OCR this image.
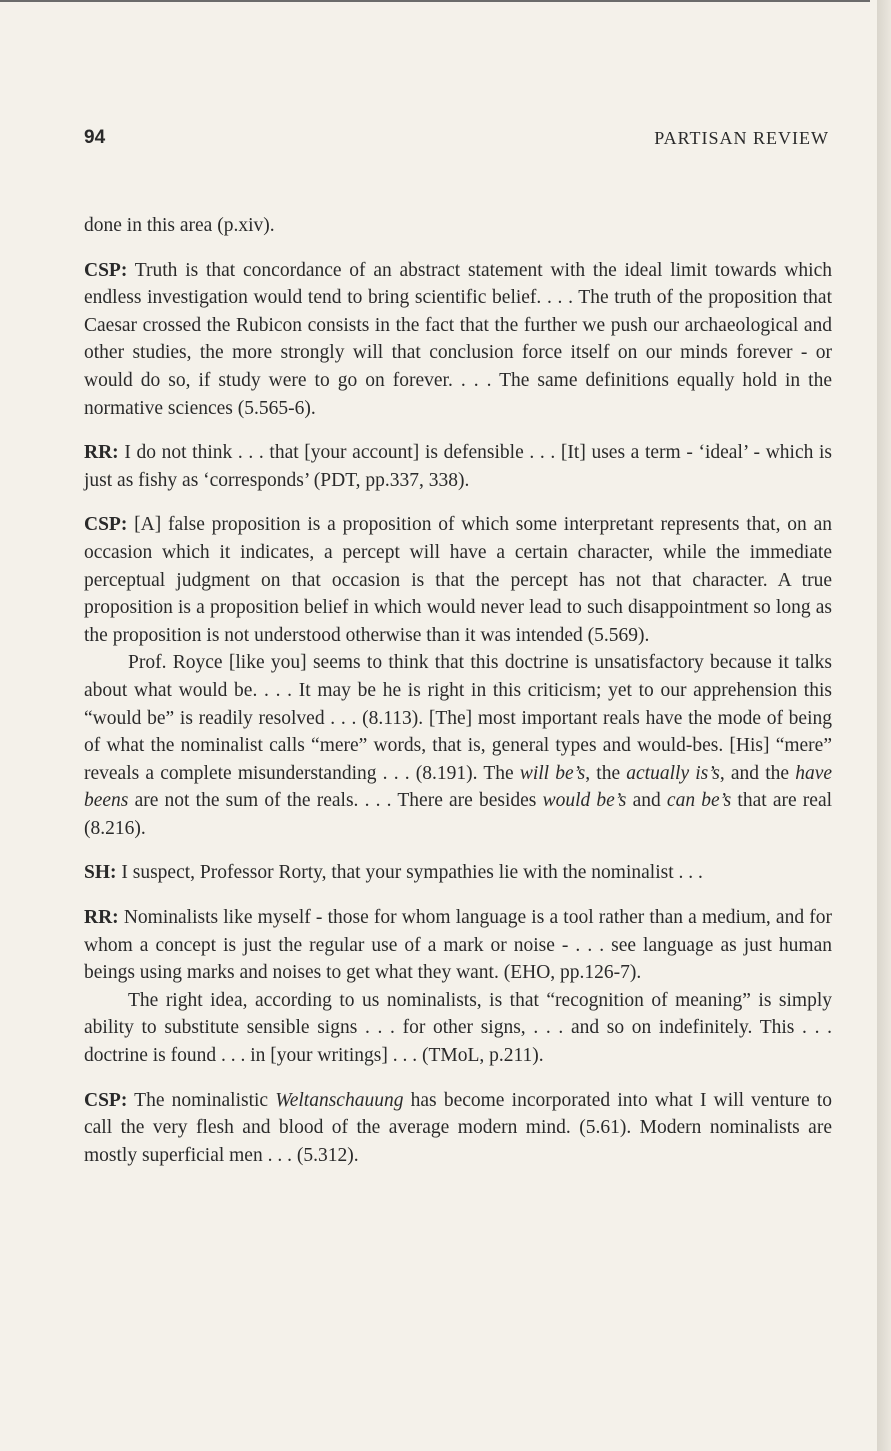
94	PARTISAN REVIEW

done in this area (p.xiv).

CSP: Truth is that concordance of an abstract statement with the ideal limit towards which endless investigation would tend to bring scientific belief. . . . The truth of the proposition that Caesar crossed the Rubicon consists in the fact that the further we push our archaeological and other studies, the more strongly will that conclusion force itself on our minds forever - or would do so, if study were to go on forever. . . . The same definitions equally hold in the normative sciences (5.565-6).

RR: I do not think . . . that [your account] is defensible . . . [It] uses a term - ‘ideal’ - which is just as fishy as ‘corresponds’ (PDT, pp.337, 338).

CSP: [A] false proposition is a proposition of which some interpretant represents that, on an occasion which it indicates, a percept will have a certain character, while the immediate perceptual judgment on that occasion is that the percept has not that character. A true proposition is a proposition belief in which would never lead to such disappointment so long as the proposition is not understood otherwise than it was intended (5.569).

Prof. Royce [like you] seems to think that this doctrine is unsatisfactory because it talks about what would be. . . . It may be he is right in this criticism; yet to our apprehension this “would be” is readily resolved . . . (8.113). [The] most important reals have the mode of being of what the nominalist calls “mere” words, that is, general types and would-bes. [His] “mere” reveals a complete misunderstanding . . . (8.191). The will be’s, the actually is’s, and the have beens are not the sum of the reals. . . . There are besides would be’s and can be’s that are real (8.216).

SH: I suspect, Professor Rorty, that your sympathies lie with the nominalist . . .

RR: Nominalists like myself - those for whom language is a tool rather than a medium, and for whom a concept is just the regular use of a mark or noise - . . . see language as just human beings using marks and noises to get what they want. (EHO, pp.126-7).

The right idea, according to us nominalists, is that “recognition of meaning” is simply ability to substitute sensible signs . . . for other signs, . . . and so on indefinitely. This . . . doctrine is found . . . in [your writings] . . . (TMoL, p.211).

CSP: The nominalistic Weltanschauung has become incorporated into what I will venture to call the very flesh and blood of the average modern mind. (5.61). Modern nominalists are mostly superficial men . . . (5.312).
